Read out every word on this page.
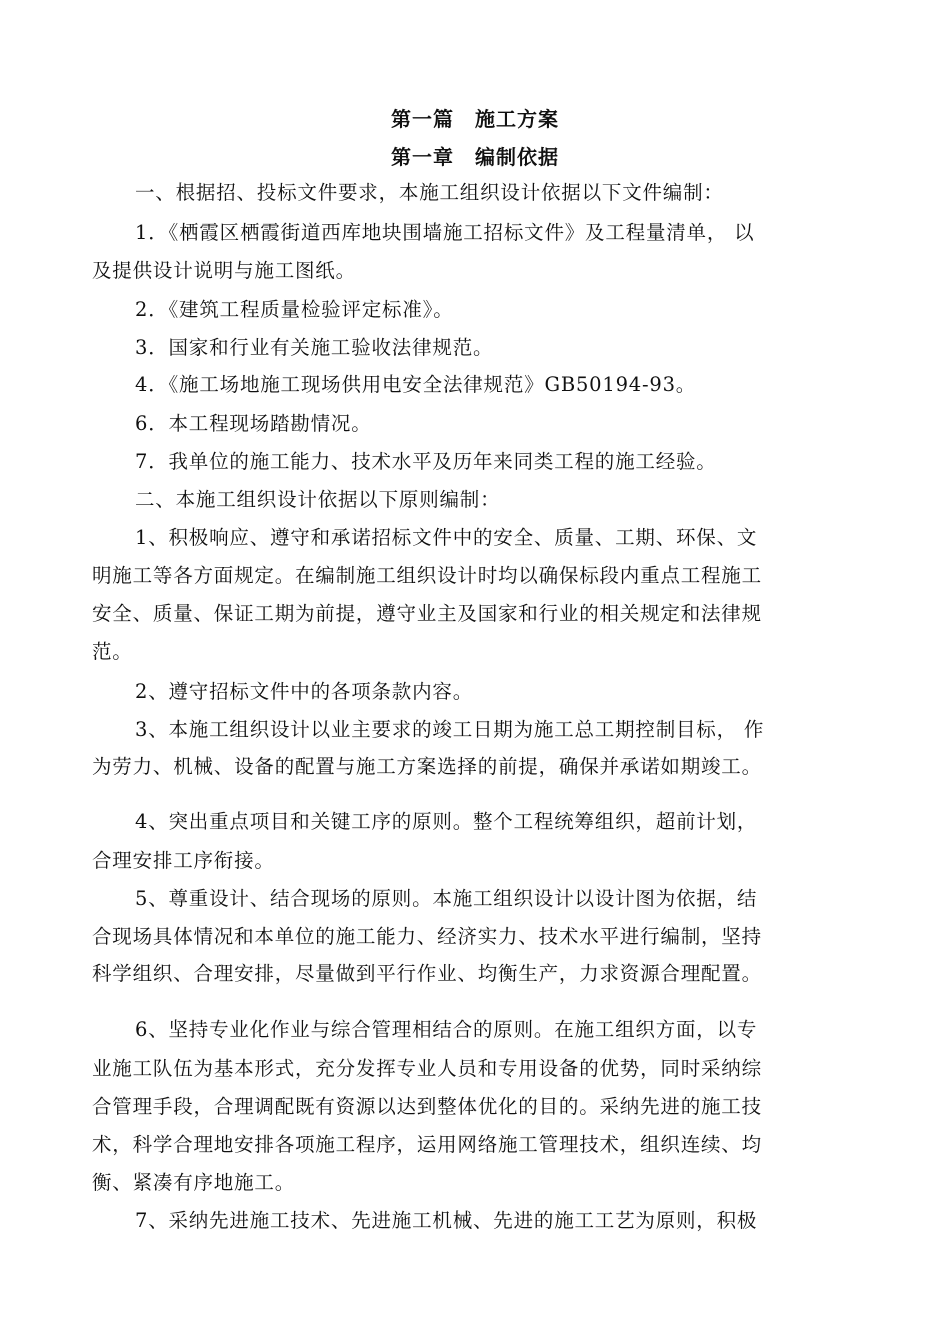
第一篇　施工方案
第一章　编制依据
一、根据招、投标文件要求，本施工组织设计依据以下文件编制：
1．《栖霞区栖霞街道西库地块围墙施工招标文件》及工程量清单， 以
及提供设计说明与施工图纸。
2．《建筑工程质量检验评定标准》。
3．国家和行业有关施工验收法律规范。
4．《施工场地施工现场供用电安全法律规范》GB50194-93。
6．本工程现场踏勘情况。
7．我单位的施工能力、技术水平及历年来同类工程的施工经验。
二、本施工组织设计依据以下原则编制：
1、积极响应、遵守和承诺招标文件中的安全、质量、工期、环保、文
明施工等各方面规定。在编制施工组织设计时均以确保标段内重点工程施工
安全、质量、保证工期为前提，遵守业主及国家和行业的相关规定和法律规
范。
2、遵守招标文件中的各项条款内容。
3、本施工组织设计以业主要求的竣工日期为施工总工期控制目标， 作
为劳力、机械、设备的配置与施工方案选择的前提，确保并承诺如期竣工。
4、突出重点项目和关键工序的原则。整个工程统筹组织，超前计划，
合理安排工序衔接。
5、尊重设计、结合现场的原则。本施工组织设计以设计图为依据，结
合现场具体情况和本单位的施工能力、经济实力、技术水平进行编制，坚持
科学组织、合理安排，尽量做到平行作业、均衡生产，力求资源合理配置。
6、坚持专业化作业与综合管理相结合的原则。在施工组织方面，以专
业施工队伍为基本形式，充分发挥专业人员和专用设备的优势，同时采纳综
合管理手段，合理调配既有资源以达到整体优化的目的。采纳先进的施工技
术，科学合理地安排各项施工程序，运用网络施工管理技术，组织连续、均
衡、紧凑有序地施工。
7、采纳先进施工技术、先进施工机械、先进的施工工艺为原则，积极
